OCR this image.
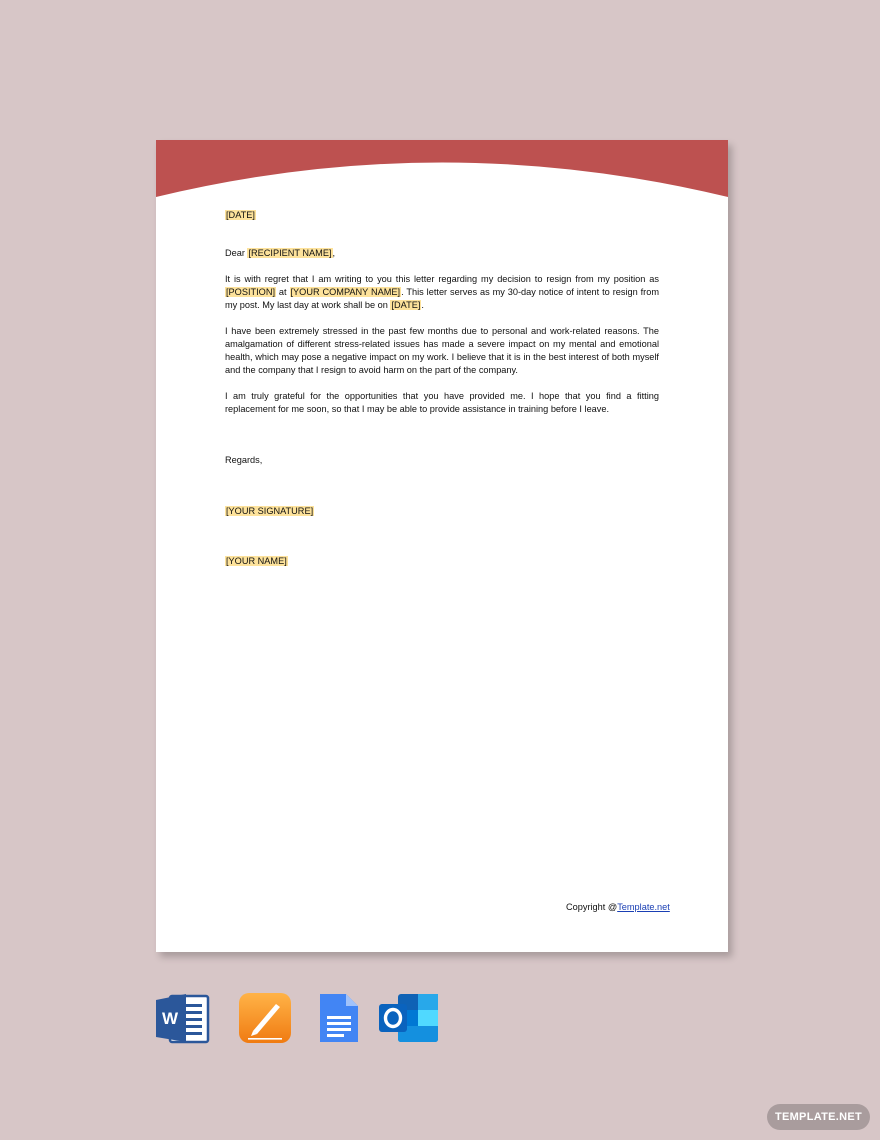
[DATE]

Dear [RECIPIENT NAME],

It is with regret that I am writing to you this letter regarding my decision to resign from my position as [POSITION] at [YOUR COMPANY NAME]. This letter serves as my 30-day notice of intent to resign from my post. My last day at work shall be on [DATE].

I have been extremely stressed in the past few months due to personal and work-related reasons. The amalgamation of different stress-related issues has made a severe impact on my mental and emotional health, which may pose a negative impact on my work. I believe that it is in the best interest of both myself and the company that I resign to avoid harm on the part of the company.

I am truly grateful for the opportunities that you have provided me. I hope that you find a fitting replacement for me soon, so that I may be able to provide assistance in training before I leave.

Regards,

[YOUR SIGNATURE]

[YOUR NAME]

Copyright @Template.net
W
TEMPLATE.NET
